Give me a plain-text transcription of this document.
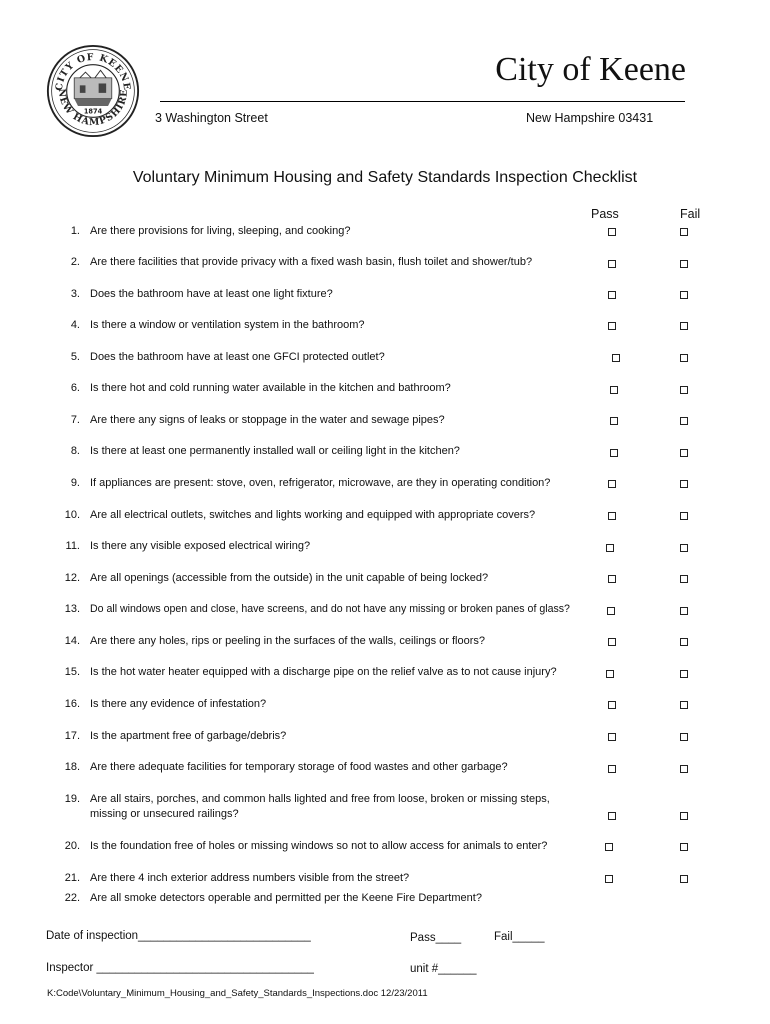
CITY OF KEENE
NEW HAMPSHIRE
1874
City of Keene
3 Washington Street	New Hampshire 03431
Voluntary Minimum Housing and Safety Standards Inspection Checklist
Pass	Fail
1. Are there provisions for living, sleeping, and cooking?
2. Are there facilities that provide privacy with a fixed wash basin, flush toilet and shower/tub?
3. Does the bathroom have at least one light fixture?
4. Is there a window or ventilation system in the bathroom?
5. Does the bathroom have at least one GFCI protected outlet?
6. Is there hot and cold running water available in the kitchen and bathroom?
7. Are there any signs of leaks or stoppage in the water and sewage pipes?
8. Is there at least one permanently installed wall or ceiling light in the kitchen?
9. If appliances are present: stove, oven, refrigerator, microwave, are they in operating condition?
10. Are all electrical outlets, switches and lights working and equipped with appropriate covers?
11. Is there any visible exposed electrical wiring?
12. Are all openings (accessible from the outside) in the unit capable of being locked?
13. Do all windows open and close, have screens, and do not have any missing or broken panes of glass?
14. Are there any holes, rips or peeling in the surfaces of the walls, ceilings or floors?
15. Is the hot water heater equipped with a discharge pipe on the relief valve as to not cause injury?
16. Is there any evidence of infestation?
17. Is the apartment free of garbage/debris?
18. Are there adequate facilities for temporary storage of food wastes and other garbage?
19. Are all stairs, porches, and common halls lighted and free from loose, broken or missing steps, missing or unsecured railings?
20. Is the foundation free of holes or missing windows so not to allow access for animals to enter?
21. Are there 4 inch exterior address numbers visible from the street?
22. Are all smoke detectors operable and permitted per the Keene Fire Department?
Date of inspection___________________________	Pass____	Fail_____
Inspector __________________________________	unit #______
K:Code\Voluntary_Minimum_Housing_and_Safety_Standards_Inspections.doc 12/23/2011
